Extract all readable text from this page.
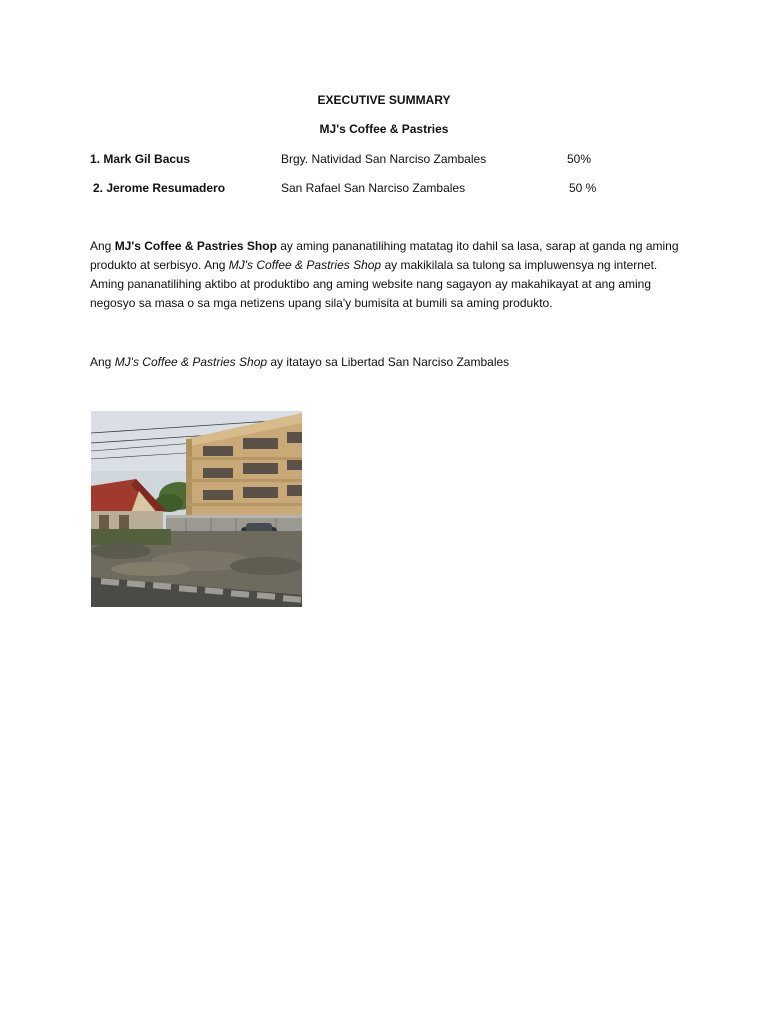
EXECUTIVE SUMMARY
MJ's Coffee & Pastries
1. Mark Gil Bacus	Brgy. Natividad San Narciso Zambales	50%
2. Jerome Resumadero	San Rafael San Narciso Zambales	50 %

Ang MJ's Coffee & Pastries Shop ay aming pananatilihing matatag ito dahil sa lasa, sarap at ganda ng aming produkto at serbisyo. Ang MJ's Coffee & Pastries Shop ay makikilala sa tulong sa impluwensya ng internet. Aming pananatilihing aktibo at produktibo ang aming website nang sagayon ay makahikayat at ang aming negosyo sa masa o sa mga netizens upang sila'y bumisita at bumili sa aming produkto.

Ang MJ's Coffee & Pastries Shop ay itatayo sa Libertad San Narciso Zambales
